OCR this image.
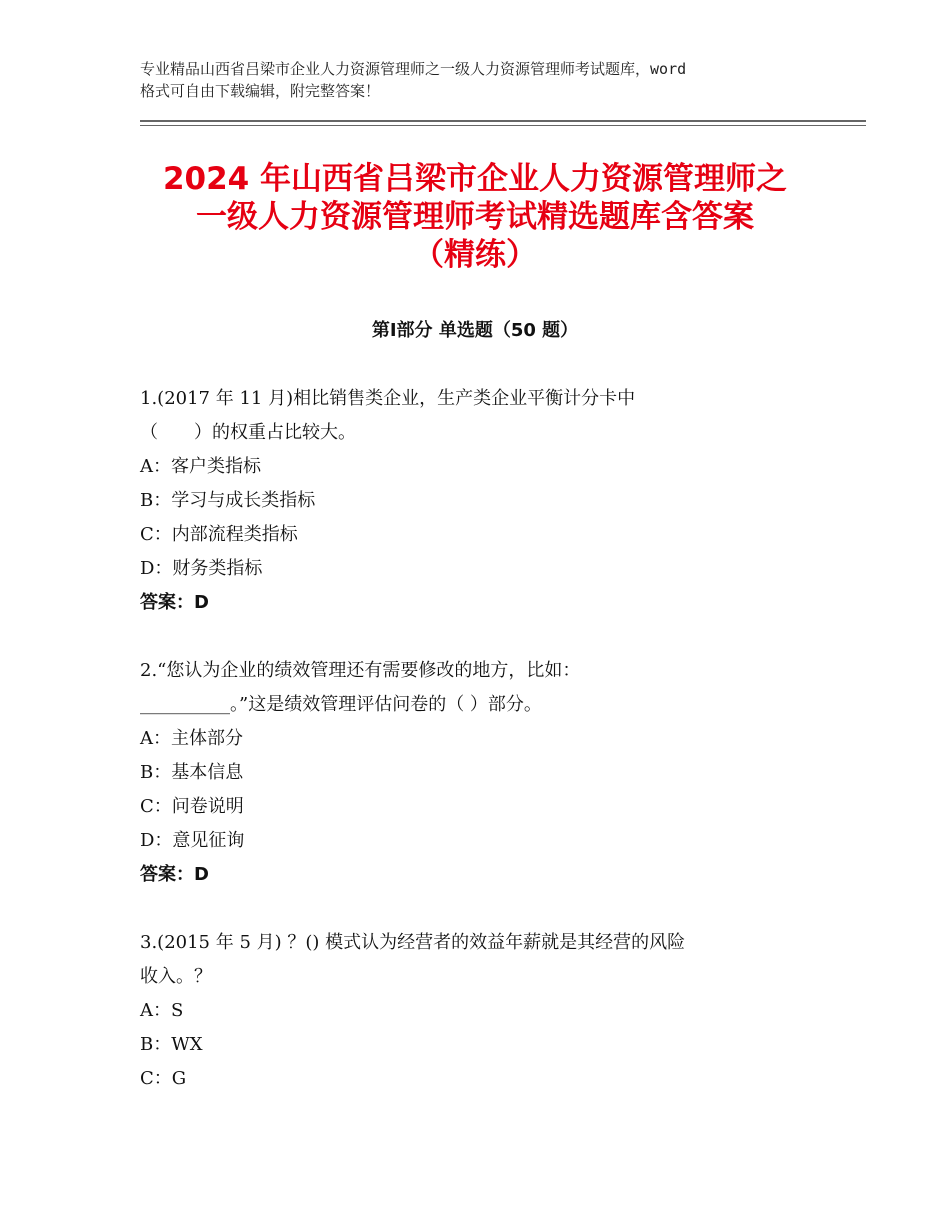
专业精品山西省吕梁市企业人力资源管理师之一级人力资源管理师考试题库，word
格式可自由下载编辑，附完整答案！
2024 年山西省吕梁市企业人力资源管理师之
一级人力资源管理师考试精选题库含答案
（精练）
第Ⅰ部分 单选题（50 题）
1.(2017 年 11 月)相比销售类企业，生产类企业平衡计分卡中
（　　）的权重占比较大。
A：客户类指标
B：学习与成长类指标
C：内部流程类指标
D：财务类指标
答案：D
2.“您认为企业的绩效管理还有需要修改的地方，比如：
__________。”这是绩效管理评估问卷的（ ）部分。
A：主体部分
B：基本信息
C：问卷说明
D：意见征询
答案：D
3.(2015 年 5 月) ？() 模式认为经营者的效益年薪就是其经营的风险
收入。？
A：S
B：WX
C：G
